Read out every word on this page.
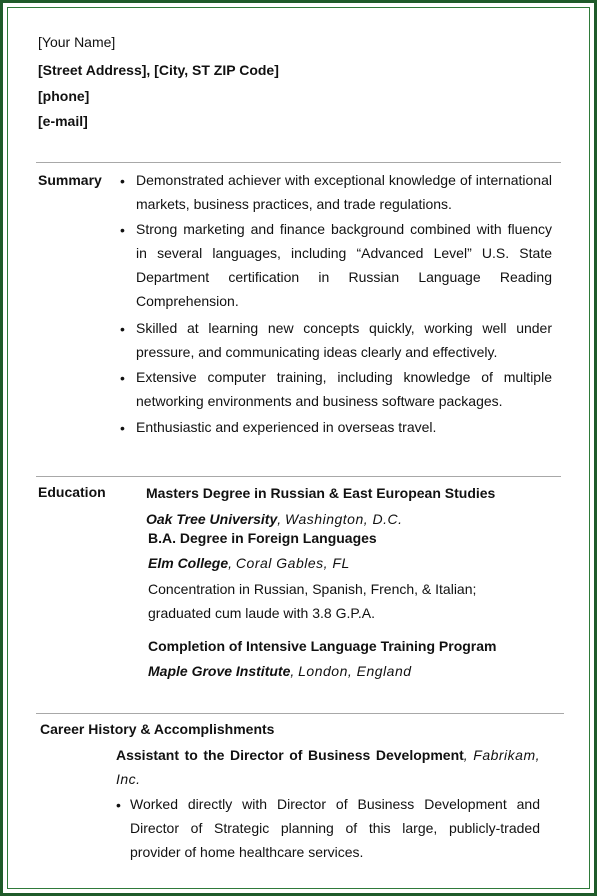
[Your Name]
[Street Address], [City, ST ZIP Code]
[phone]
[e-mail]
Summary • Demonstrated achiever with exceptional knowledge of international markets, business practices, and trade regulations.
• Strong marketing and finance background combined with fluency in several languages, including “Advanced Level” U.S. State Department certification in Russian Language Reading Comprehension.
• Skilled at learning new concepts quickly, working well under pressure, and communicating ideas clearly and effectively.
• Extensive computer training, including knowledge of multiple networking environments and business software packages.
• Enthusiastic and experienced in overseas travel.
Education	Masters Degree in Russian & East European Studies
Oak Tree University, Washington, D.C.
B.A. Degree in Foreign Languages
Elm College, Coral Gables, FL
Concentration in Russian, Spanish, French, & Italian; graduated cum laude with 3.8 G.P.A.
Completion of Intensive Language Training Program
Maple Grove Institute, London, England
Career History & Accomplishments
Assistant to the Director of Business Development, Fabrikam, Inc.
• Worked directly with Director of Business Development and Director of Strategic planning of this large, publicly-traded provider of home healthcare services.
